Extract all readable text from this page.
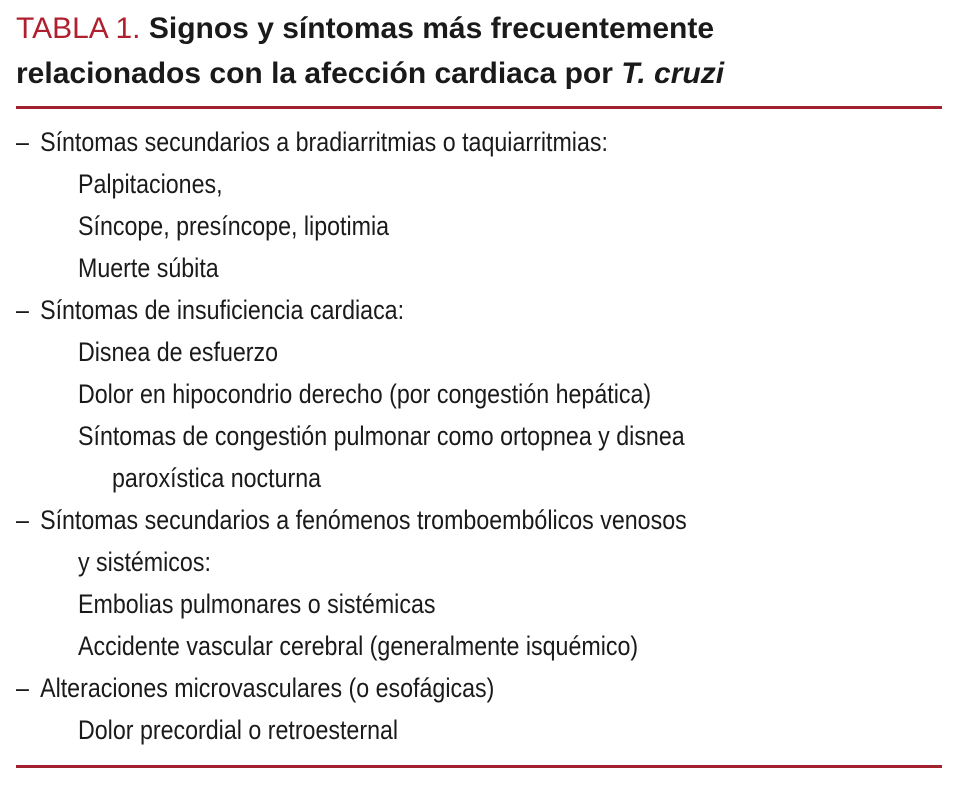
TABLA 1. Signos y síntomas más frecuentemente
relacionados con la afección cardiaca por T. cruzi
– Síntomas secundarios a bradiarritmias o taquiarritmias:
Palpitaciones,
Síncope, presíncope, lipotimia
Muerte súbita
– Síntomas de insuficiencia cardiaca:
Disnea de esfuerzo
Dolor en hipocondrio derecho (por congestión hepática)
Síntomas de congestión pulmonar como ortopnea y disnea
paroxística nocturna
– Síntomas secundarios a fenómenos tromboembólicos venosos
y sistémicos:
Embolias pulmonares o sistémicas
Accidente vascular cerebral (generalmente isquémico)
– Alteraciones microvasculares (o esofágicas)
Dolor precordial o retroesternal
